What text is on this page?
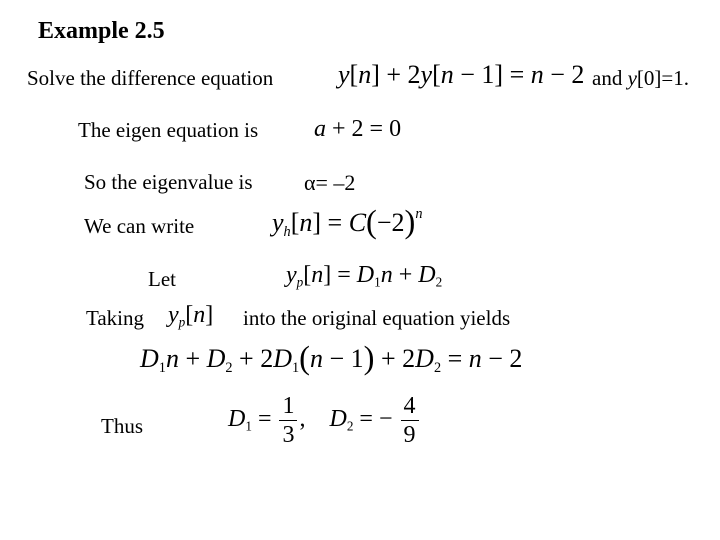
Example 2.5
Solve the difference equation y[n] + 2y[n − 1] = n − 2 and y[0]=1.
The eigen equation is a + 2 = 0
So the eigenvalue is α= –2
We can write	$y_h[n] = C(-2)^n$
Let	$y_p[n] = D_1n + D_2$
Taking $y_p[n]$ into the original equation yields
$D_1n + D_2 + 2D_1(n - 1) + 2D_2 = n - 2$
Thus	$D_1 = \frac{1}{3}$ ,    $D_2$ = − $\frac{4}{9}$
